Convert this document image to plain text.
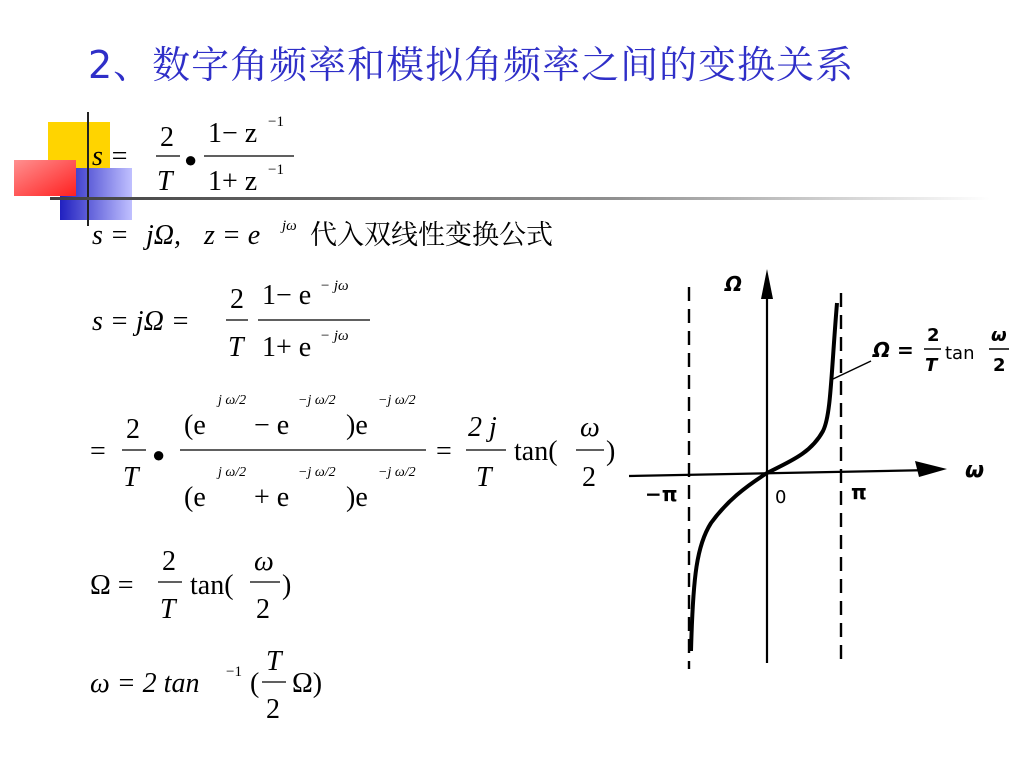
2、数字角频率和模拟角频率之间的变换关系
s =
2
T
●
1− z −1
1+ z −1
s = jΩ, z = e jω 代入双线性变换公式
s = jΩ =
2
T
1− e − jω
1+ e − jω
=
2
T
●
(e
j ω/2
− e
−j ω/2
)e
−j ω/2
(e
j ω/2
+ e
−j ω/2
)e
−j ω/2
=
2 j
T
tan(
ω
2
)
Ω =
2
T
tan(
ω
2
)
ω = 2 tan −1 (
T
2
Ω)
Ω
ω
−π	0	π
Ω =
2
T
tan
ω
2
